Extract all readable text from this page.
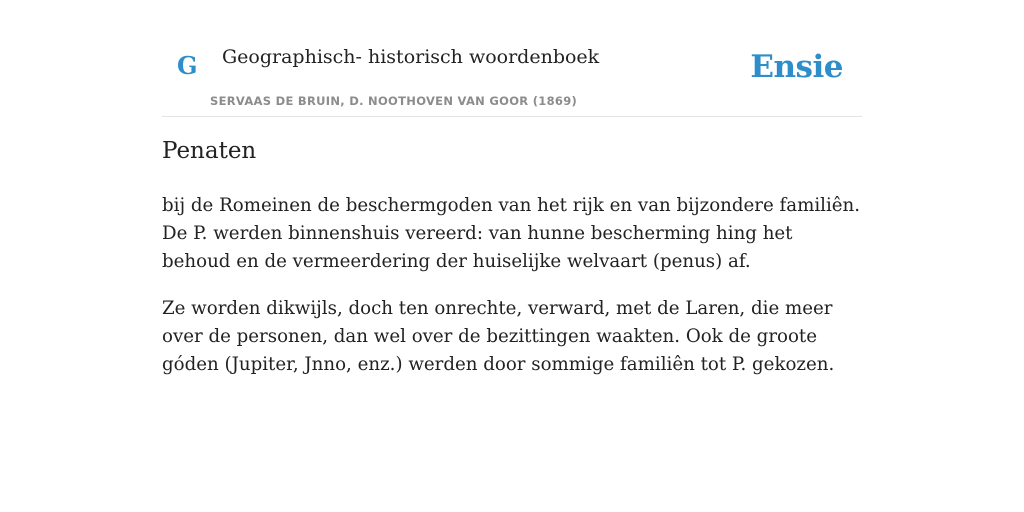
G Geographisch- historisch woordenboek
SERVAAS DE BRUIN, D. NOOTHOVEN VAN GOOR (1869)
Ensie
Penaten

bij de Romeinen de beschermgoden van het rijk en van bijzondere familiên. De P. werden binnenshuis vereerd: van hunne bescherming hing het behoud en de vermeerdering der huiselijke welvaart (penus) af.

Ze worden dikwijls, doch ten onrechte, verward, met de Laren, die meer over de personen, dan wel over de bezittingen waakten. Ook de groote góden (Jupiter, Jnno, enz.) werden door sommige familiên tot P. gekozen.
